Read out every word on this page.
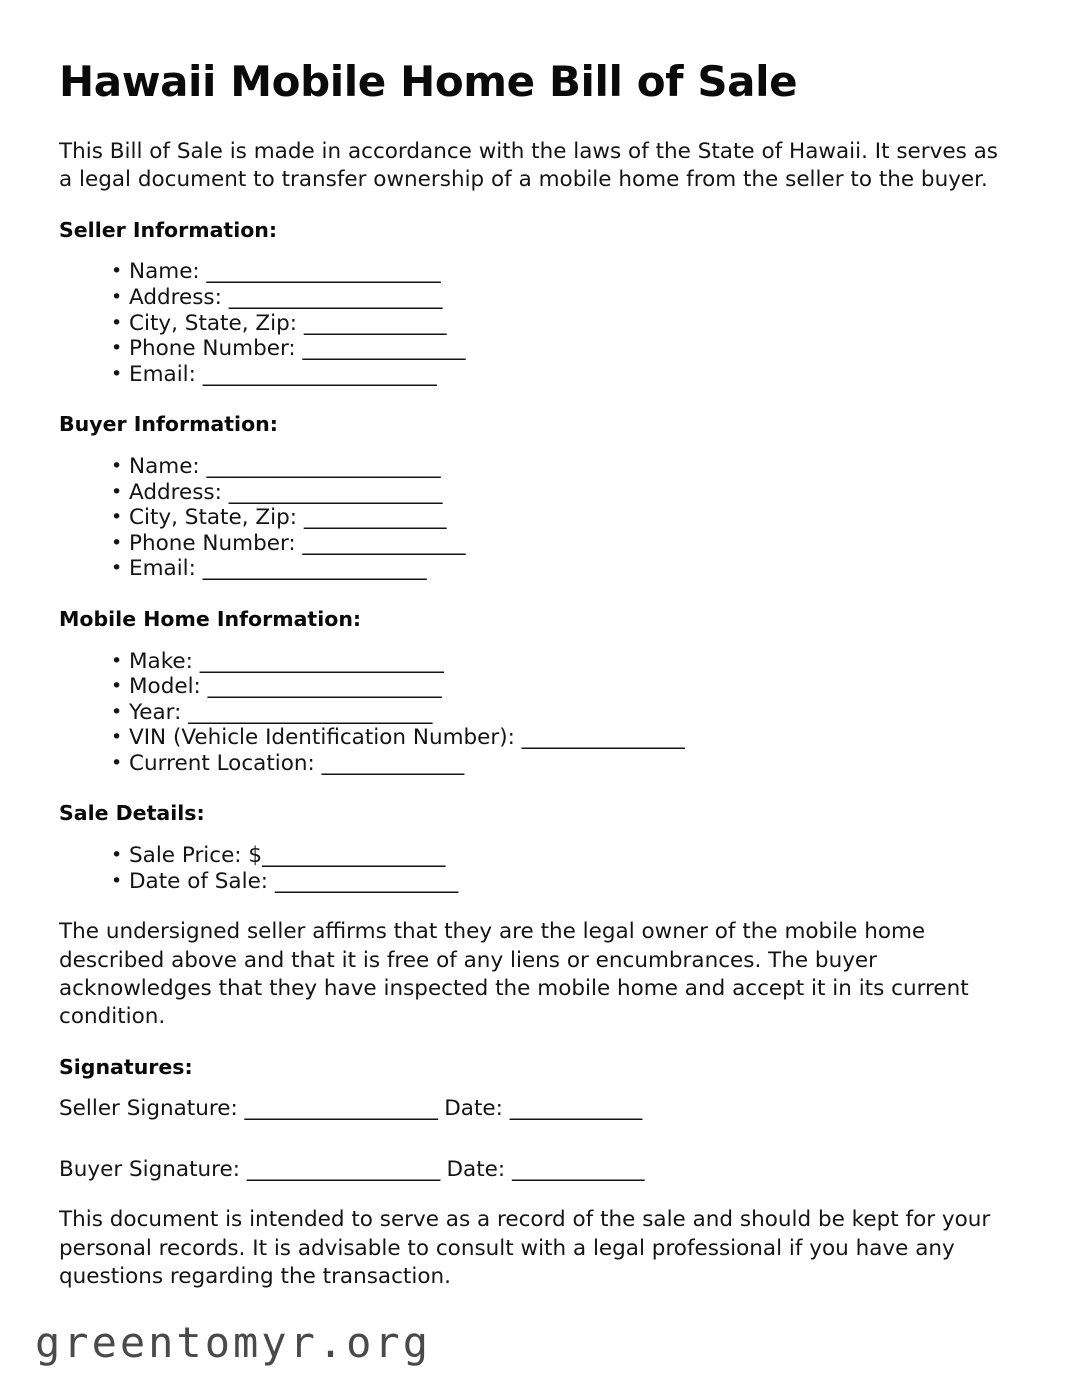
Hawaii Mobile Home Bill of Sale

This Bill of Sale is made in accordance with the laws of the State of Hawaii. It serves as a legal document to transfer ownership of a mobile home from the seller to the buyer.

Seller Information:
• Name: _______________________
• Address: _____________________
• City, State, Zip: ______________
• Phone Number: ________________
• Email: _______________________
Buyer Information:
• Name: _______________________
• Address: _____________________
• City, State, Zip: ______________
• Phone Number: ________________
• Email: ______________________
Mobile Home Information:
• Make: ________________________
• Model: _______________________
• Year: ________________________
• VIN (Vehicle Identification Number): ________________
• Current Location: ______________
Sale Details:
• Sale Price: $__________________
• Date of Sale: __________________

The undersigned seller affirms that they are the legal owner of the mobile home described above and that it is free of any liens or encumbrances. The buyer acknowledges that they have inspected the mobile home and accept it in its current condition.

Signatures:
Seller Signature: ___________________ Date: _____________
Buyer Signature: ___________________ Date: _____________

This document is intended to serve as a record of the sale and should be kept for your personal records. It is advisable to consult with a legal professional if you have any questions regarding the transaction.

greentomyr.org
